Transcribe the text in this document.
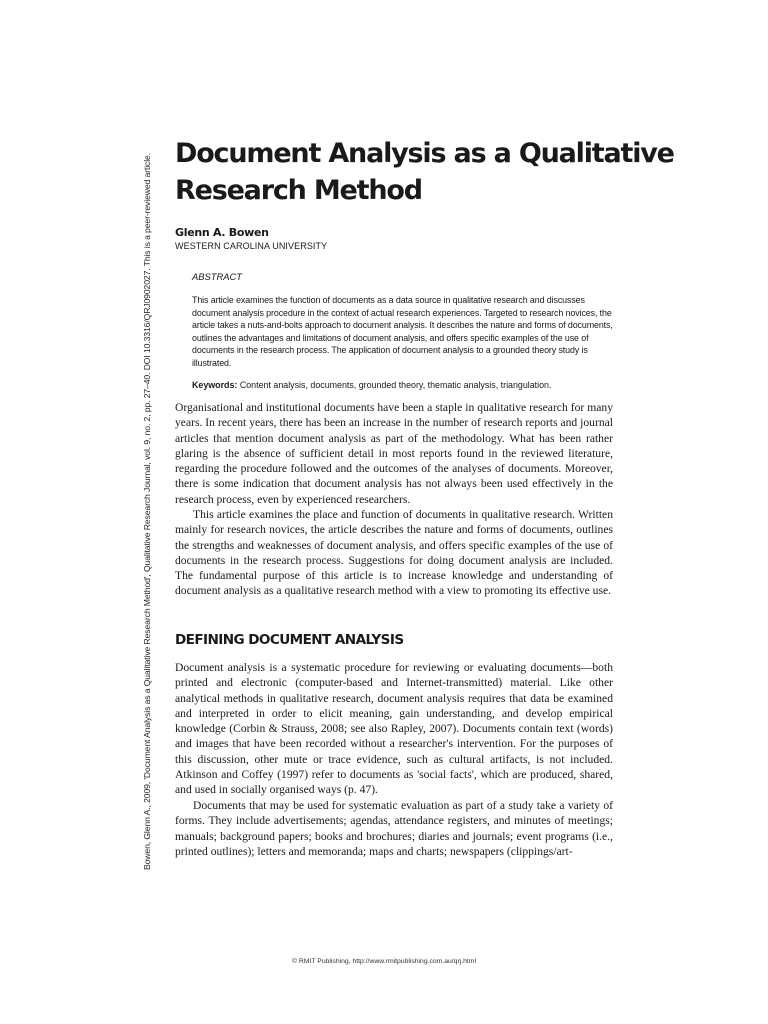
Bowen, Glenn A., 2009, 'Document Analysis as a Qualitative Research Method', Qualitative Research Journal, vol. 9, no. 2, pp. 27–40. DOI 10.3316/QRJ0902027. This is a peer-reviewed article. Document Analysis as a Qualitative Research Method

Glenn A. Bowen

WESTERN CAROLINA UNIVERSITY

ABSTRACT

This article examines the function of documents as a data source in qualitative research and discusses document analysis procedure in the context of actual research experiences. Targeted to research novices, the article takes a nuts-and-bolts approach to document analysis. It describes the nature and forms of documents, outlines the advantages and limitations of document analysis, and offers specific examples of the use of documents in the research process. The application of document analysis to a grounded theory study is illustrated.

Keywords: Content analysis, documents, grounded theory, thematic analysis, triangulation.

Organisational and institutional documents have been a staple in qualitative research for many years. In recent years, there has been an increase in the number of research reports and journal articles that mention document analysis as part of the methodology. What has been rather glaring is the absence of sufficient detail in most reports found in the reviewed literature, regarding the procedure followed and the outcomes of the analyses of documents. Moreover, there is some indication that document analysis has not always been used effectively in the research process, even by experienced researchers.

This article examines the place and function of documents in qualitative research. Written mainly for research novices, the article describes the nature and forms of documents, outlines the strengths and weaknesses of document analysis, and offers specific examples of the use of documents in the research process. Suggestions for doing document analysis are included. The fundamental purpose of this article is to increase knowledge and understanding of document analysis as a qualitative research method with a view to promoting its effective use.

DEFINING DOCUMENT ANALYSIS

Document analysis is a systematic procedure for reviewing or evaluating documents—both printed and electronic (computer-based and Internet-transmitted) material. Like other analytical methods in qualitative research, document analysis requires that data be examined and interpreted in order to elicit meaning, gain understanding, and develop empirical knowledge (Corbin & Strauss, 2008; see also Rapley, 2007). Documents contain text (words) and images that have been recorded without a researcher's intervention. For the purposes of this discussion, other mute or trace evidence, such as cultural artifacts, is not included. Atkinson and Coffey (1997) refer to documents as 'social facts', which are produced, shared, and used in socially organised ways (p. 47).

Documents that may be used for systematic evaluation as part of a study take a variety of forms. They include advertisements; agendas, attendance registers, and minutes of meetings; manuals; background papers; books and brochures; diaries and journals; event programs (i.e., printed outlines); letters and memoranda; maps and charts; newspapers (clippings/art-

© RMIT Publishing, http://www.rmitpublishing.com.au/qrj.html
